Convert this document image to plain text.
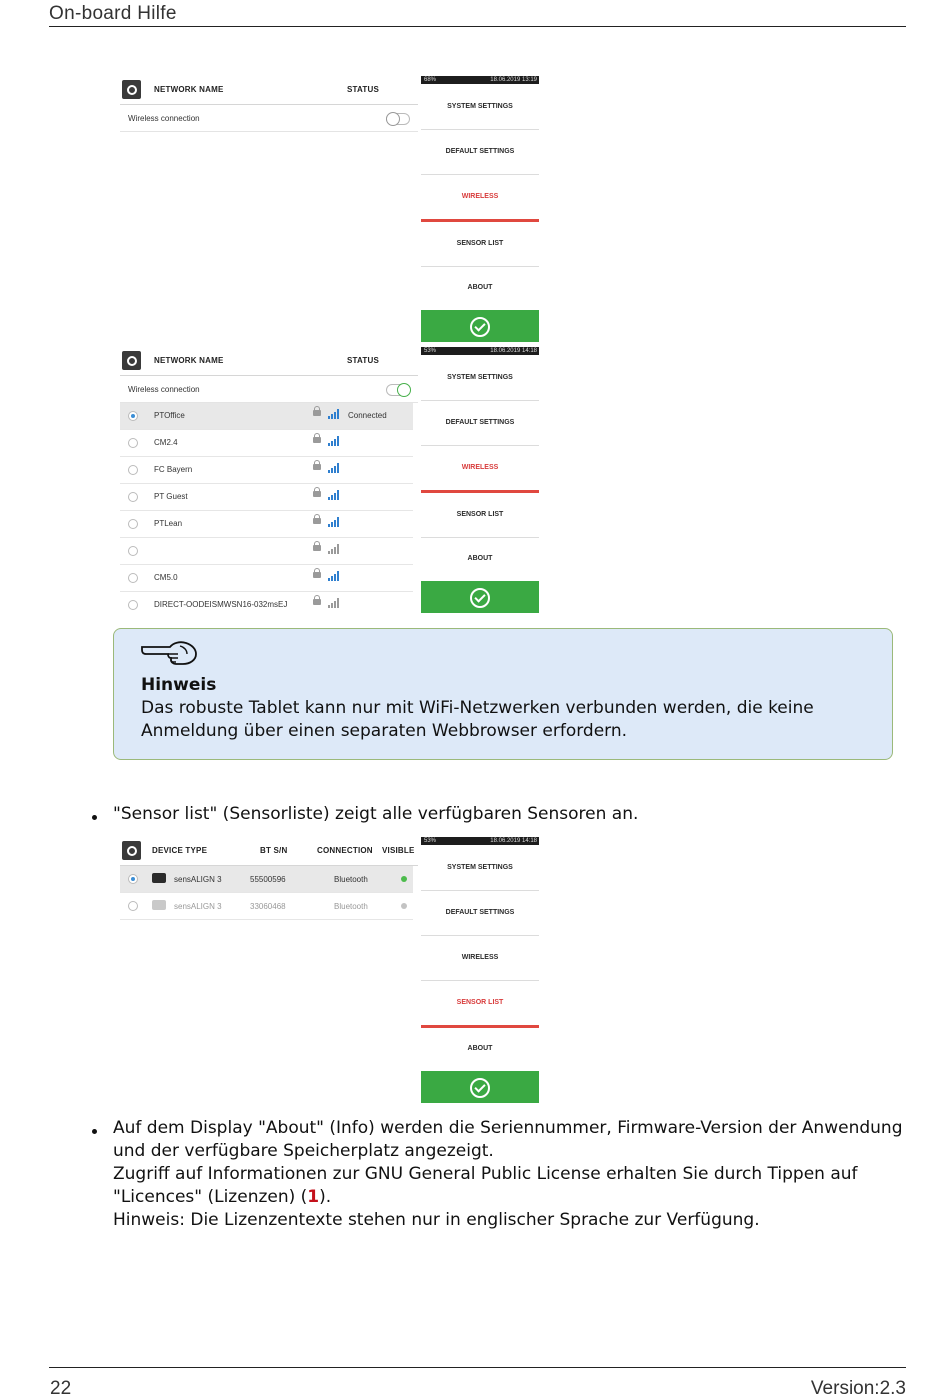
On-board Hilfe
NETWORK NAME	STATUS
Wireless connection
68%	18.06.2019 13:19
SYSTEM SETTINGS
DEFAULT SETTINGS
WIRELESS
SENSOR LIST
ABOUT
NETWORK NAME	STATUS
Wireless connection
PTOffice	Connected
CM2.4
FC Bayern
PT Guest
PTLean
CM5.0
DIRECT-OODEISMWSN16-032msEJ
53%	18.06.2019 14:18
SYSTEM SETTINGS
DEFAULT SETTINGS
WIRELESS
SENSOR LIST
ABOUT
Hinweis
Das robuste Tablet kann nur mit WiFi-Netzwerken verbunden werden, die keine Anmeldung über einen separaten Webbrowser erfordern.
"Sensor list" (Sensorliste) zeigt alle verfügbaren Sensoren an.
DEVICE TYPE	BT S/N	CONNECTION VISIBLE
sensALIGN 3	55500596	Bluetooth
sensALIGN 3	33060468	Bluetooth
53%	18.06.2019 14:18
SYSTEM SETTINGS
DEFAULT SETTINGS
WIRELESS
SENSOR LIST
ABOUT
Auf dem Display "About" (Info) werden die Seriennummer, Firmware-Version der Anwendung und der verfügbare Speicherplatz angezeigt.
Zugriff auf Informationen zur GNU General Public License erhalten Sie durch Tippen auf "Licences" (Lizenzen) (1).
Hinweis: Die Lizenzentexte stehen nur in englischer Sprache zur Verfügung.
22	Version:2.3
